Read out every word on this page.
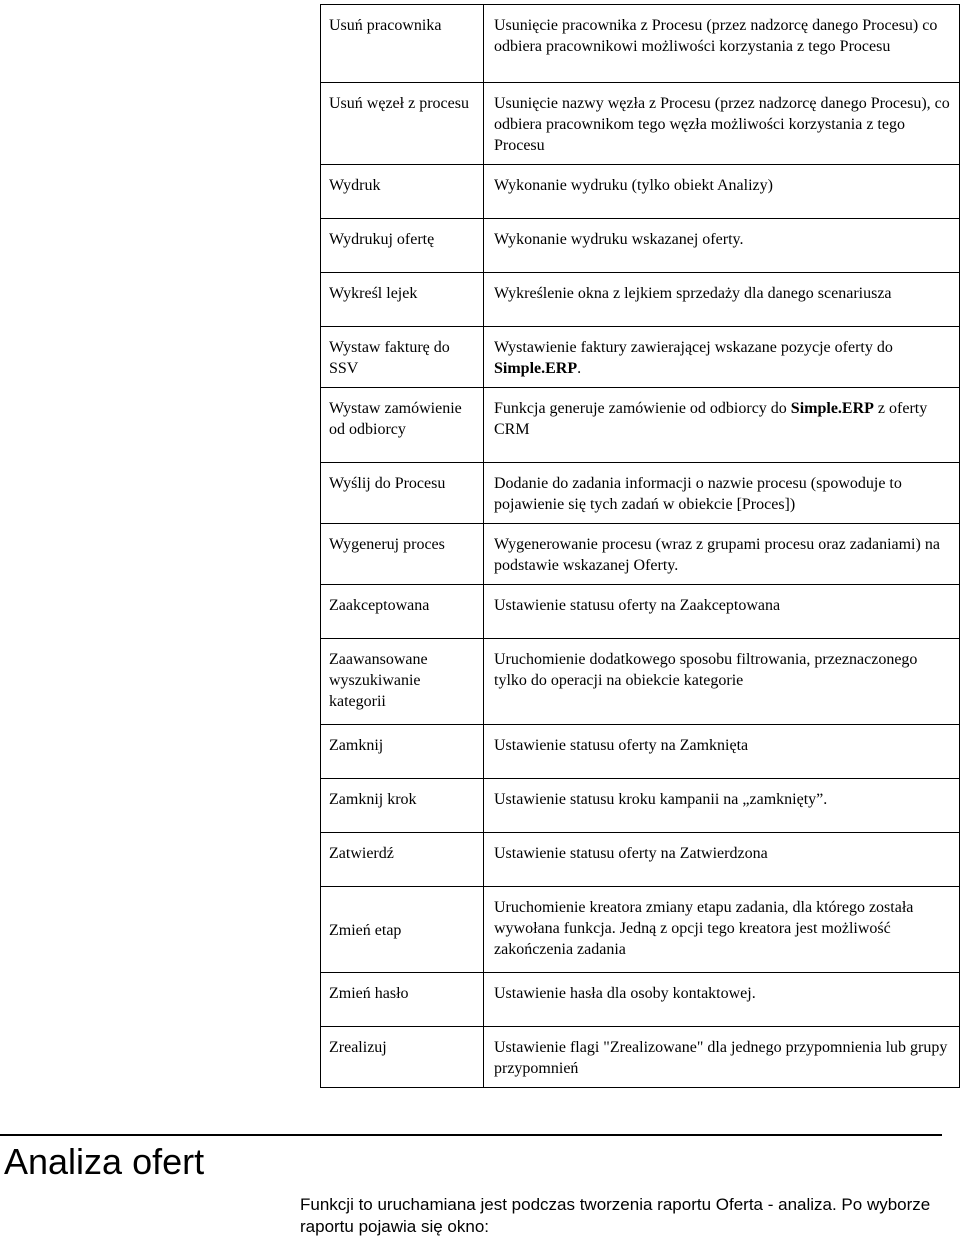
Usuń pracownika	Usunięcie pracownika z Procesu (przez nadzorcę danego Procesu) co odbiera pracownikowi możliwości korzystania z tego Procesu
Usuń węzeł z procesu	Usunięcie nazwy węzła z Procesu (przez nadzorcę danego Procesu), co odbiera pracownikom tego węzła możliwości korzystania z tego Procesu
Wydruk	Wykonanie wydruku (tylko obiekt Analizy)
Wydrukuj ofertę	Wykonanie wydruku wskazanej oferty.
Wykreśl lejek	Wykreślenie okna z lejkiem sprzedaży dla danego scenariusza
Wystaw fakturę do SSV	Wystawienie faktury zawierającej wskazane pozycje oferty do Simple.ERP.
Wystaw zamówienie od odbiorcy	Funkcja generuje zamówienie od odbiorcy do Simple.ERP z oferty CRM
Wyślij do Procesu	Dodanie do zadania informacji o nazwie procesu (spowoduje to pojawienie się tych zadań w obiekcie [Proces])
Wygeneruj proces	Wygenerowanie procesu (wraz z grupami procesu oraz zadaniami) na podstawie wskazanej Oferty.
Zaakceptowana	Ustawienie statusu oferty na Zaakceptowana
Zaawansowane wyszukiwanie kategorii	Uruchomienie dodatkowego sposobu filtrowania, przeznaczonego tylko do operacji na obiekcie kategorie
Zamknij	Ustawienie statusu oferty na Zamknięta
Zamknij krok	Ustawienie statusu kroku kampanii na „zamknięty”.
Zatwierdź	Ustawienie statusu oferty na Zatwierdzona
Zmień etap	Uruchomienie kreatora zmiany etapu zadania, dla którego została wywołana funkcja. Jedną z opcji tego kreatora jest możliwość zakończenia zadania
Zmień hasło	Ustawienie hasła dla osoby kontaktowej.
Zrealizuj	Ustawienie flagi "Zrealizowane" dla jednego przypomnienia lub grupy przypomnień
Analiza ofert

Funkcji to uruchamiana jest podczas tworzenia raportu Oferta - analiza. Po wyborze raportu pojawia się okno:
